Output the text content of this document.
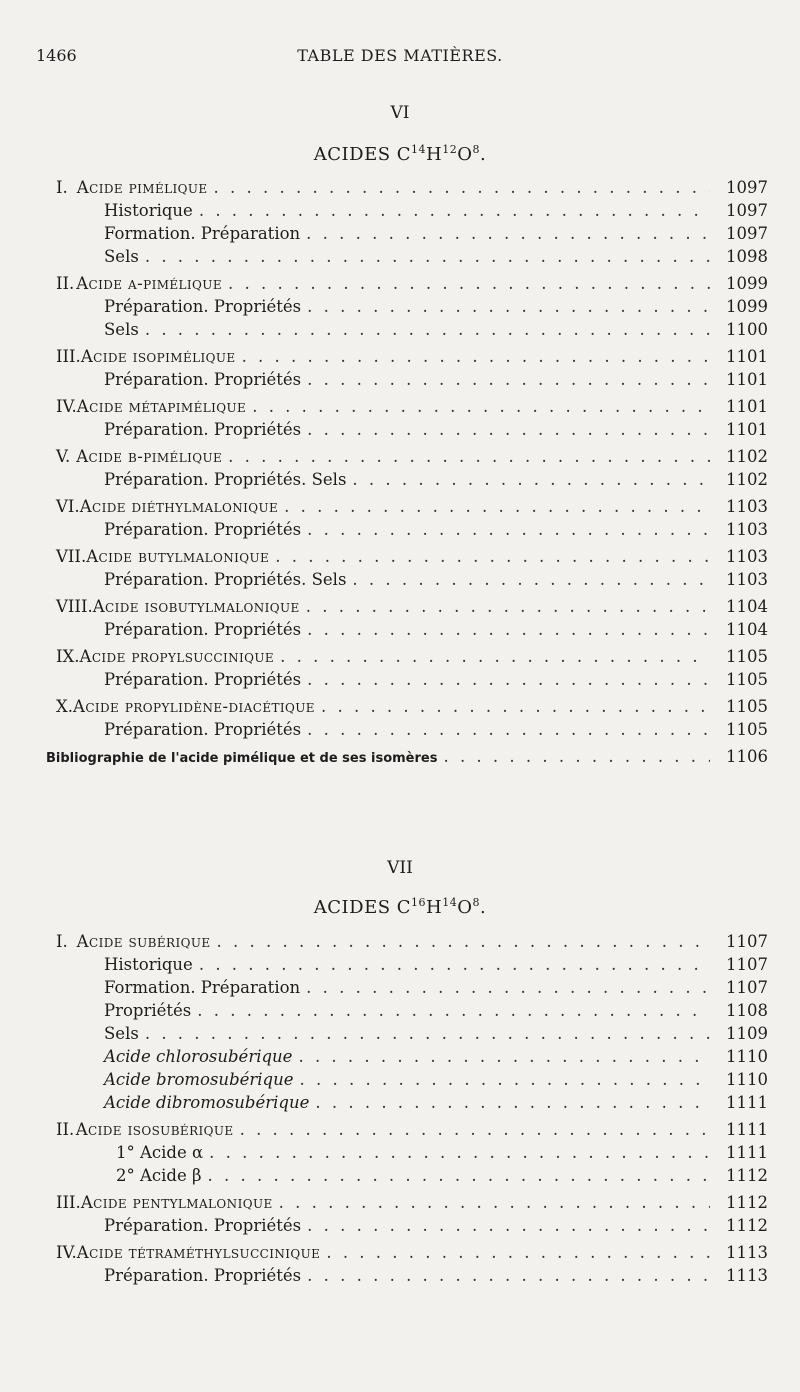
1466	TABLE DES MATIÈRES.
VI
ACIDES $C^{14}H^{12}O^8$.
I. Acide pimélique . . .	1097
Historique . . .	1097
Formation. Préparation . . .	1097
Sels . . .	1098
II. Acide α-pimélique . . .	1099
Préparation. Propriétés . . .	1099
Sels . . .	1100
III. Acide isopimélique . . .	1101
Préparation. Propriétés . . .	1101
IV. Acide métapimélique . . .	1101
Préparation. Propriétés . . .	1101
V. Acide β-pimélique . . .	1102
Préparation. Propriétés. Sels . . .	1102
VI. Acide diéthylmalonique . . .	1103
Préparation. Propriétés . . .	1103
VII. Acide butylmalonique . . .	1103
Préparation. Propriétés. Sels . . .	1103
VIII. Acide isobutylmalonique . . .	1104
Préparation. Propriétés . . .	1104
IX. Acide propylsuccinique . . .	1105
Préparation. Propriétés . . .	1105
X. Acide propylidène-diacétique . . .	1105
Préparation. Propriétés . . .	1105
Bibliographie de l'acide pimélique et de ses isomères . . .	1106
VII
ACIDES $C^{16}H^{14}O^8$.
I. Acide subérique . . .	1107
Historique . . .	1107
Formation. Préparation . . .	1107
Propriétés . . .	1108
Sels . . .	1109
Acide chlorosubérique . . .	1110
Acide bromosubérique . . .	1110
Acide dibromosubérique . . .	1111
II. Acide isosubérique . . .	1111
1° Acide α . . .	1111
2° Acide β . . .	1112
III. Acide pentylmalonique . . .	1112
Préparation. Propriétés . . .	1112
IV. Acide tétraméthylsuccinique . . .	1113
Préparation. Propriétés . . .	1113
